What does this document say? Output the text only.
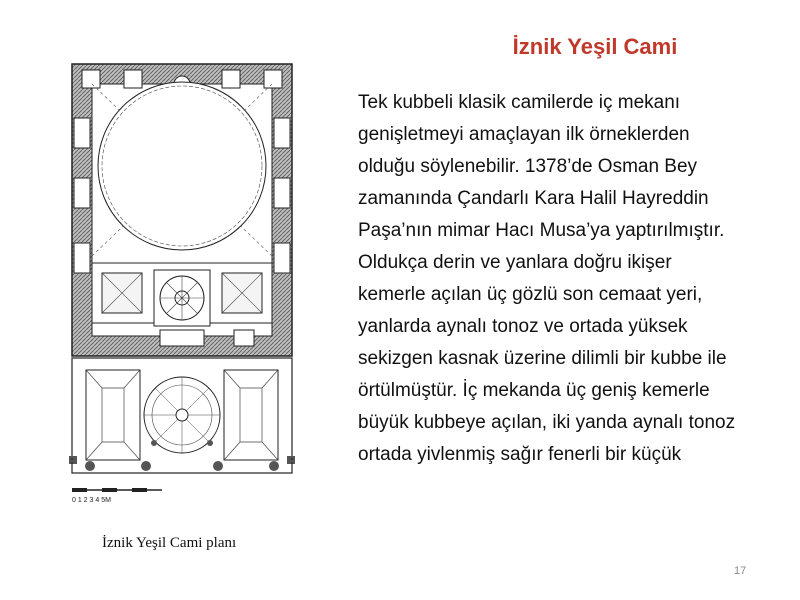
İznik Yeşil Cami

Tek kubbeli klasik camilerde iç mekanı

genişletmeyi amaçlayan ilk örneklerden

olduğu söylenebilir. 1378’de Osman Bey

zamanında Çandarlı Kara Halil Hayreddin

Paşa’nın mimar Hacı Musa’ya yaptırılmıştır.

Oldukça derin ve yanlara doğru ikişer

kemerle açılan üç gözlü son cemaat yeri,

yanlarda aynalı tonoz ve ortada yüksek

sekizgen kasnak üzerine dilimli bir kubbe ile

örtülmüştür. İç mekanda üç geniş kemerle

büyük kubbeye açılan, iki yanda aynalı tonoz

ortada yivlenmiş sağır fenerli bir küçük

0 1 2 3 4 5M
İznik Yeşil Cami planı
17
